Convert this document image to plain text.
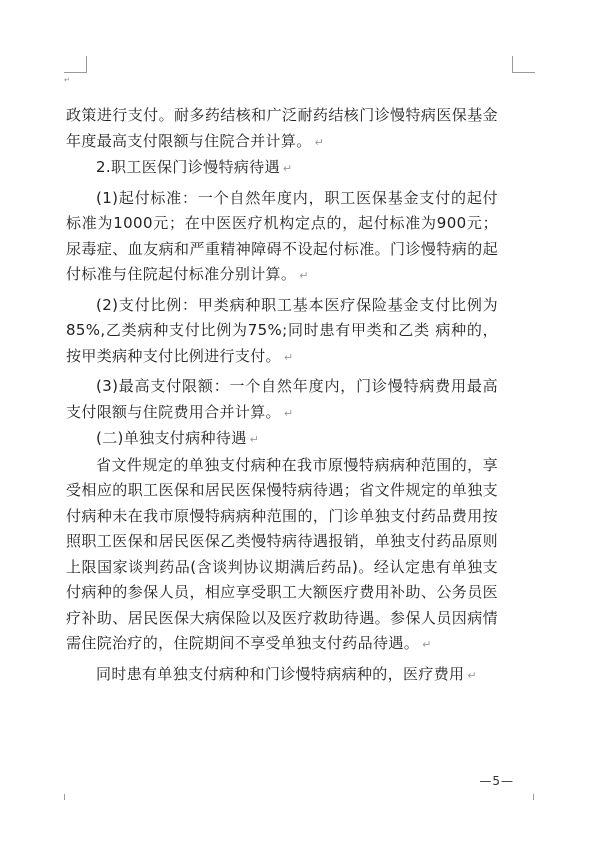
↵

政策进行支付。耐多药结核和广泛耐药结核门诊慢特病医保基金年度最高支付限额与住院合并计算。 ↵

2.职工医保门诊慢特病待遇 ↵

(1)起付标准：一个自然年度内，职工医保基金支付的起付标准为1000元；在中医医疗机构定点的，起付标准为900元；尿毒症、血友病和严重精神障碍不设起付标准。门诊慢特病的起付标准与住院起付标准分别计算。 ↵

(2)支付比例：甲类病种职工基本医疗保险基金支付比例为85%,乙类病种支付比例为75%;同时患有甲类和乙类 病种的，按甲类病种支付比例进行支付。 ↵

(3)最高支付限额：一个自然年度内，门诊慢特病费用最高支付限额与住院费用合并计算。 ↵

(二)单独支付病种待遇 ↵

省文件规定的单独支付病种在我市原慢特病病种范围的，享受相应的职工医保和居民医保慢特病待遇；省文件规定的单独支付病种未在我市原慢特病病种范围的，门诊单独支付药品费用按照职工医保和居民医保乙类慢特病待遇报销，单独支付药品原则上限国家谈判药品(含谈判协议期满后药品)。经认定患有单独支付病种的参保人员，相应享受职工大额医疗费用补助、公务员医疗补助、居民医保大病保险以及医疗救助待遇。参保人员因病情需住院治疗的，住院期间不享受单独支付药品待遇。 ↵

同时患有单独支付病种和门诊慢特病病种的，医疗费用 ↵

—5—
